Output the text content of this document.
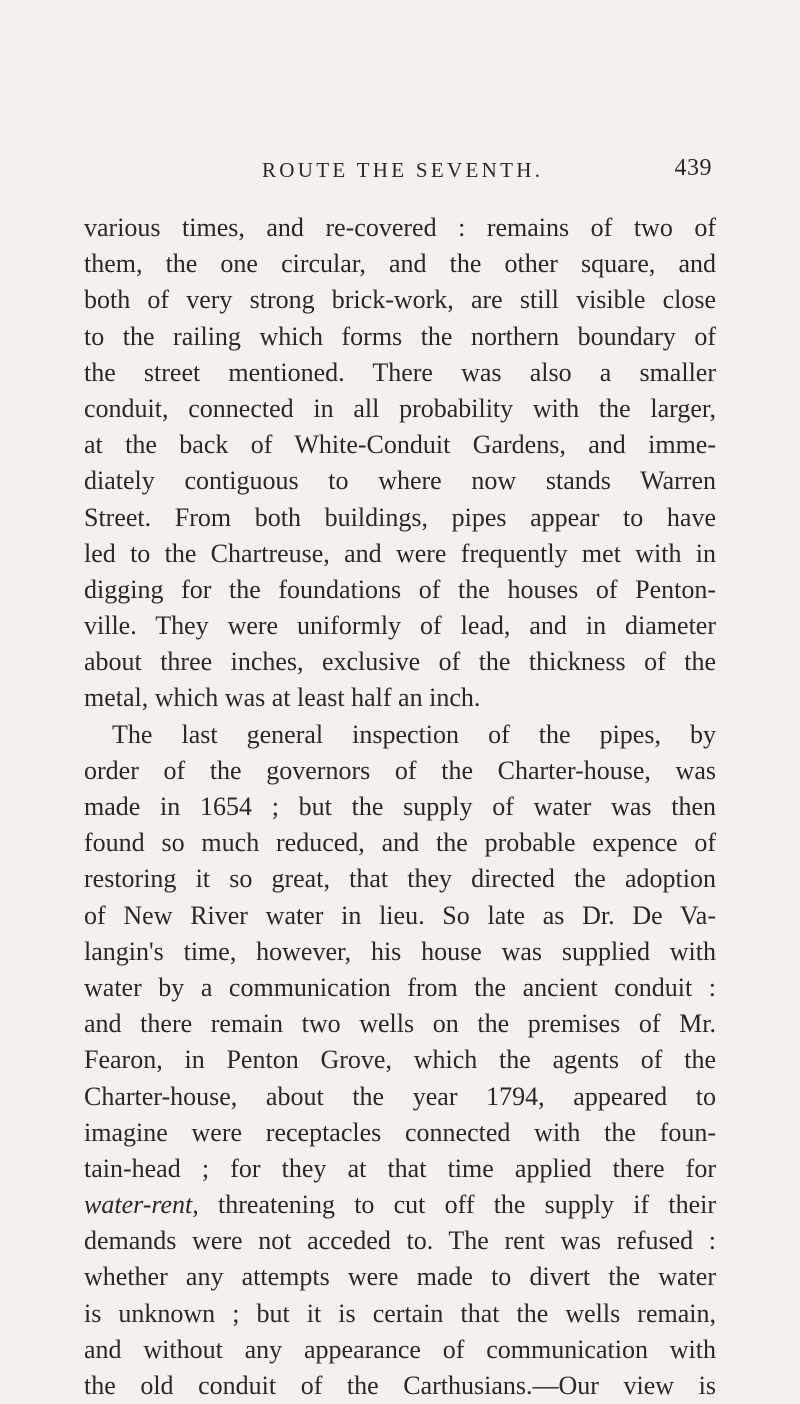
ROUTE THE SEVENTH.	439
various times, and re-covered : remains of two of
them, the one circular, and the other square, and
both of very strong brick-work, are still visible close
to the railing which forms the northern boundary of
the street mentioned. There was also a smaller
conduit, connected in all probability with the larger,
at the back of White-Conduit Gardens, and imme-
diately contiguous to where now stands Warren
Street. From both buildings, pipes appear to have
led to the Chartreuse, and were frequently met with in
digging for the foundations of the houses of Penton-
ville. They were uniformly of lead, and in diameter
about three inches, exclusive of the thickness of the
metal, which was at least half an inch.
The last general inspection of the pipes, by
order of the governors of the Charter-house, was
made in 1654 ; but the supply of water was then
found so much reduced, and the probable expence of
restoring it so great, that they directed the adoption
of New River water in lieu. So late as Dr. De Va-
langin's time, however, his house was supplied with
water by a communication from the ancient conduit :
and there remain two wells on the premises of Mr.
Fearon, in Penton Grove, which the agents of the
Charter-house, about the year 1794, appeared to
imagine were receptacles connected with the foun-
tain-head ; for they at that time applied there for
water-rent, threatening to cut off the supply if their
demands were not acceded to. The rent was refused :
whether any attempts were made to divert the water
is unknown ; but it is certain that the wells remain,
and without any appearance of communication with
the old conduit of the Carthusians.—Our view is
